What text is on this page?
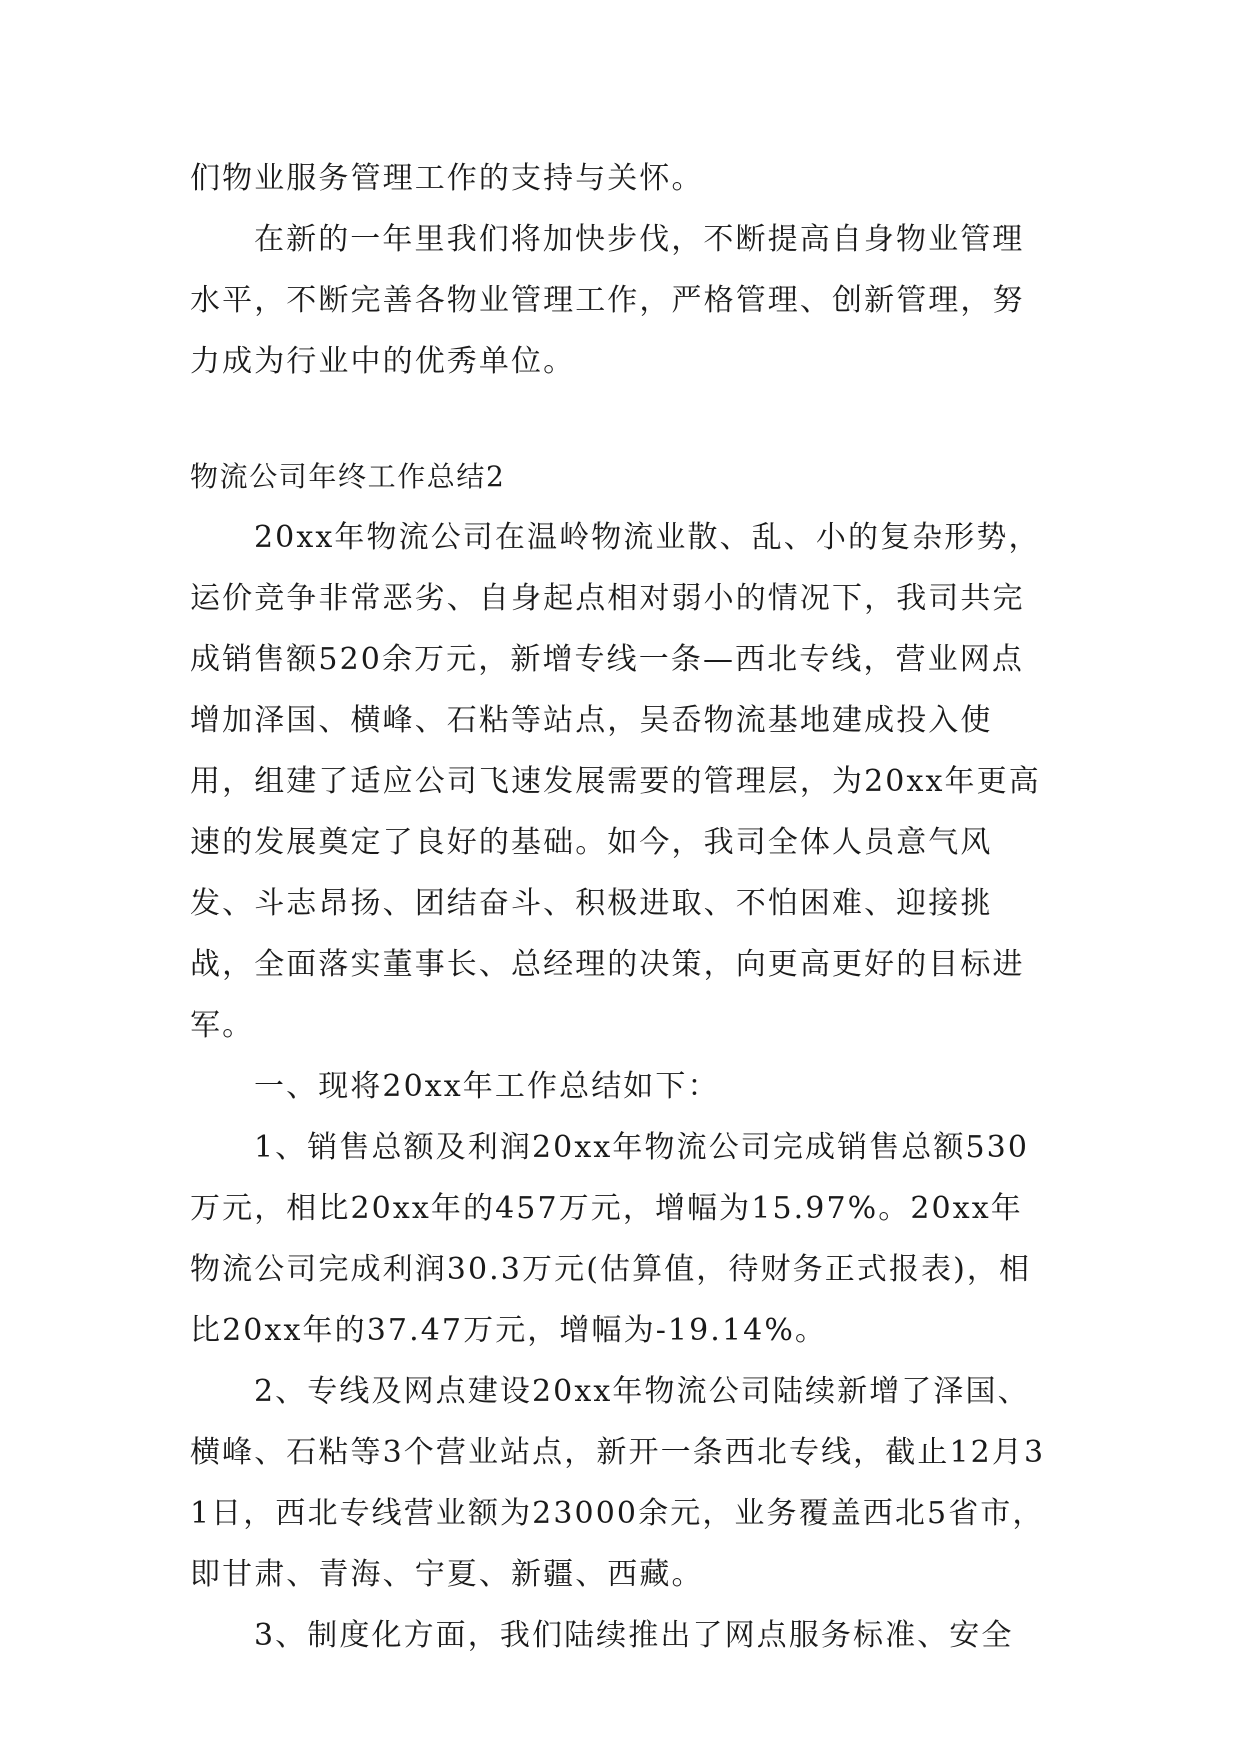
们物业服务管理工作的支持与关怀。

在新的一年里我们将加快步伐，不断提高自身物业管理水平，不断完善各物业管理工作，严格管理、创新管理，努力成为行业中的优秀单位。

物流公司年终工作总结2

20xx年物流公司在温岭物流业散、乱、小的复杂形势，运价竞争非常恶劣、自身起点相对弱小的情况下，我司共完成销售额520余万元，新增专线一条—西北专线，营业网点增加泽国、横峰、石粘等站点，吴岙物流基地建成投入使用，组建了适应公司飞速发展需要的管理层，为20xx年更高速的发展奠定了良好的基础。如今，我司全体人员意气风发、斗志昂扬、团结奋斗、积极进取、不怕困难、迎接挑战，全面落实董事长、总经理的决策，向更高更好的目标进军。

一、现将20xx年工作总结如下：

1、销售总额及利润20xx年物流公司完成销售总额530万元，相比20xx年的457万元，增幅为15.97%。20xx年物流公司完成利润30.3万元(估算值，待财务正式报表)，相比20xx年的37.47万元，增幅为-19.14%。

2、专线及网点建设20xx年物流公司陆续新增了泽国、横峰、石粘等3个营业站点，新开一条西北专线，截止12月31日，西北专线营业额为23000余元，业务覆盖西北5省市，即甘肃、青海、宁夏、新疆、西藏。

3、制度化方面，我们陆续推出了网点服务标准、安全
